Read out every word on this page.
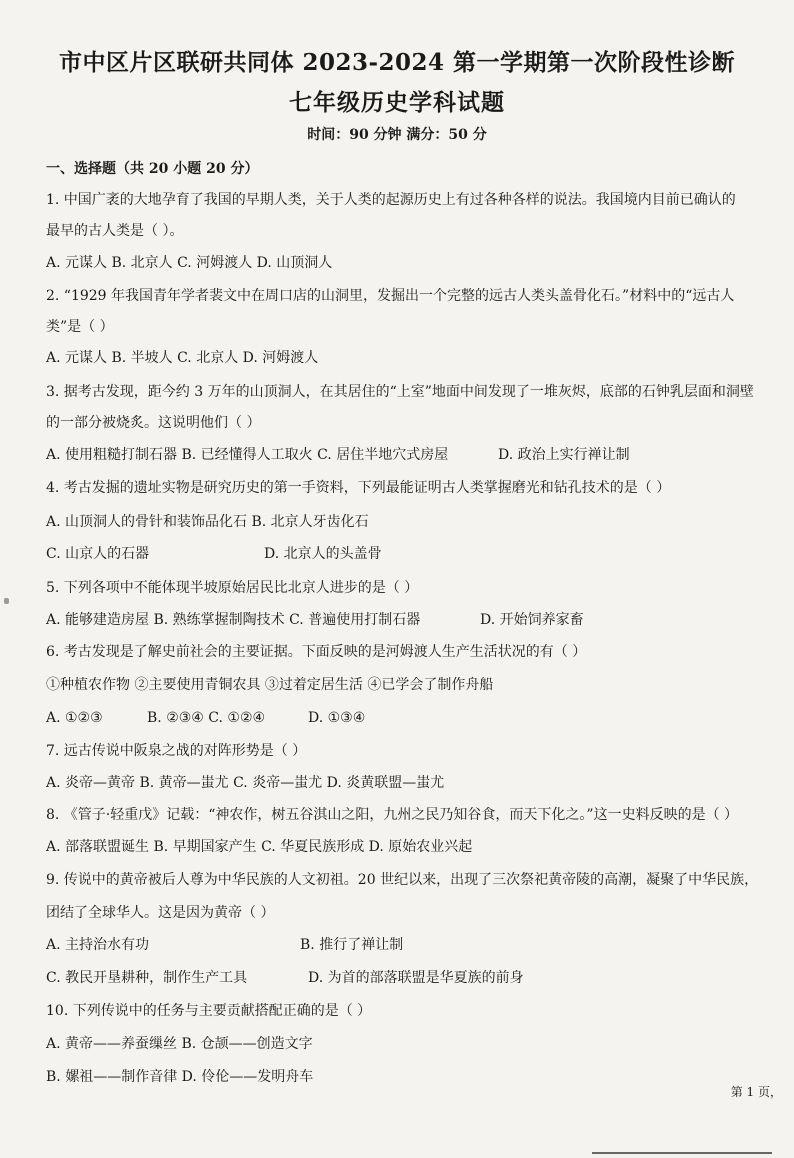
市中区片区联研共同体 2023-2024 第一学期第一次阶段性诊断
七年级历史学科试题
时间：90 分钟 满分：50 分
一、选择题（共 20 小题 20 分）
1. 中国广袤的大地孕育了我国的早期人类，关于人类的起源历史上有过各种各样的说法。我国境内目前已确认的
最早的古人类是（ ）。
A. 元谋人 B. 北京人 C. 河姆渡人 D. 山顶洞人
2. “1929 年我国青年学者裴文中在周口店的山洞里，发掘出一个完整的远古人类头盖骨化石。”材料中的“远古人
类”是（ ）
A. 元谋人 B. 半坡人 C. 北京人 D. 河姆渡人
3. 据考古发现，距今约 3 万年的山顶洞人，在其居住的“上室”地面中间发现了一堆灰烬，底部的石钟乳层面和洞壁
的一部分被烧炙。这说明他们（ ）
A. 使用粗糙打制石器 B. 已经懂得人工取火 C. 居住半地穴式房屋	D. 政治上实行禅让制
4. 考古发掘的遗址实物是研究历史的第一手资料，下列最能证明古人类掌握磨光和钻孔技术的是（ ）
A. 山顶洞人的骨针和装饰品化石 B. 北京人牙齿化石
C. 山京人的石器	D. 北京人的头盖骨
5. 下列各项中不能体现半坡原始居民比北京人进步的是（ ）
A. 能够建造房屋 B. 熟练掌握制陶技术 C. 普遍使用打制石器	D. 开始饲养家畜
6. 考古发现是了解史前社会的主要证据。下面反映的是河姆渡人生产生活状况的有（ ）
①种植农作物 ②主要使用青铜农具 ③过着定居生活 ④已学会了制作舟船
A. ①②③	B. ②③④ C. ①②④	D. ①③④
7. 远古传说中阪泉之战的对阵形势是（ ）
A. 炎帝—黄帝 B. 黄帝—蚩尤 C. 炎帝—蚩尤 D. 炎黄联盟—蚩尤
8. 《管子·轻重戊》记载：“神农作，树五谷淇山之阳，九州之民乃知谷食，而天下化之。”这一史料反映的是（ ）
A. 部落联盟诞生 B. 早期国家产生 C. 华夏民族形成 D. 原始农业兴起
9. 传说中的黄帝被后人尊为中华民族的人文初祖。20 世纪以来，出现了三次祭祀黄帝陵的高潮，凝聚了中华民族，
团结了全球华人。这是因为黄帝（ ）
A. 主持治水有功	B. 推行了禅让制
C. 教民开垦耕种，制作生产工具	D. 为首的部落联盟是华夏族的前身
10. 下列传说中的任务与主要贡献搭配正确的是（ ）
A. 黄帝——养蚕缫丝 B. 仓颉——创造文字
B. 嫘祖——制作音律 D. 伶伦——发明舟车
第 1 页，
